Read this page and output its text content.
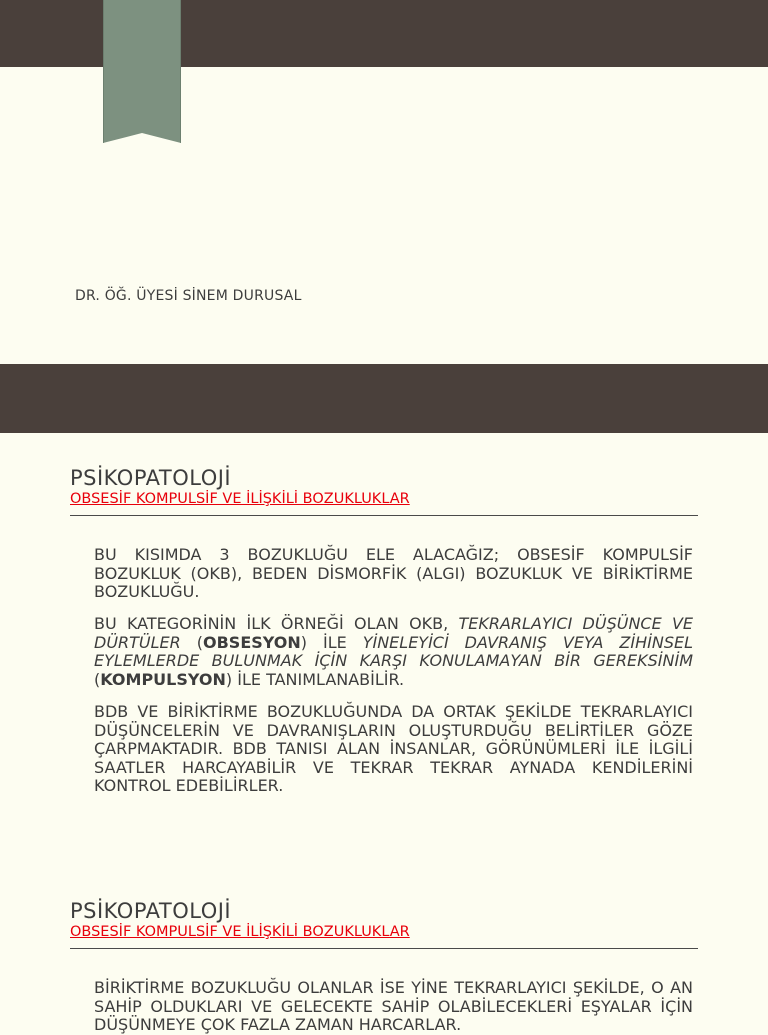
DR. ÖĞ. ÜYESİ SİNEM DURUSAL
PSİKOPATOLOJİ
OBSESİF KOMPULSİF VE İLİŞKİLİ BOZUKLUKLAR

BU KISIMDA 3 BOZUKLUĞU ELE ALACAĞIZ; OBSESİF KOMPULSİF BOZUKLUK (OKB), BEDEN DİSMORFİK (ALGI) BOZUKLUK VE BİRİKTİRME BOZUKLUĞU.

BU KATEGORİNİN İLK ÖRNEĞİ OLAN OKB, TEKRARLAYICI DÜŞÜNCE VE DÜRTÜLER (OBSESYON) İLE YİNELEYİCİ DAVRANIŞ VEYA ZİHİNSEL EYLEMLERDE BULUNMAK İÇİN KARŞI KONULAMAYAN BİR GEREKSİNİM (KOMPULSYON) İLE TANIMLANABİLİR.

BDB VE BİRİKTİRME BOZUKLUĞUNDA DA ORTAK ŞEKİLDE TEKRARLAYICI DÜŞÜNCELERİN VE DAVRANIŞLARIN OLUŞTURDUĞU BELİRTİLER GÖZE ÇARPMAKTADIR. BDB TANISI ALAN İNSANLAR, GÖRÜNÜMLERİ İLE İLGİLİ SAATLER HARCAYABİLİR VE TEKRAR TEKRAR AYNADA KENDİLERİNİ KONTROL EDEBİLİRLER.

PSİKOPATOLOJİ
OBSESİF KOMPULSİF VE İLİŞKİLİ BOZUKLUKLAR

BİRİKTİRME BOZUKLUĞU OLANLAR İSE YİNE TEKRARLAYICI ŞEKİLDE, O AN SAHİP OLDUKLARI VE GELECEKTE SAHİP OLABİLECEKLERİ EŞYALAR İÇİN DÜŞÜNMEYE ÇOK FAZLA ZAMAN HARCARLAR.
